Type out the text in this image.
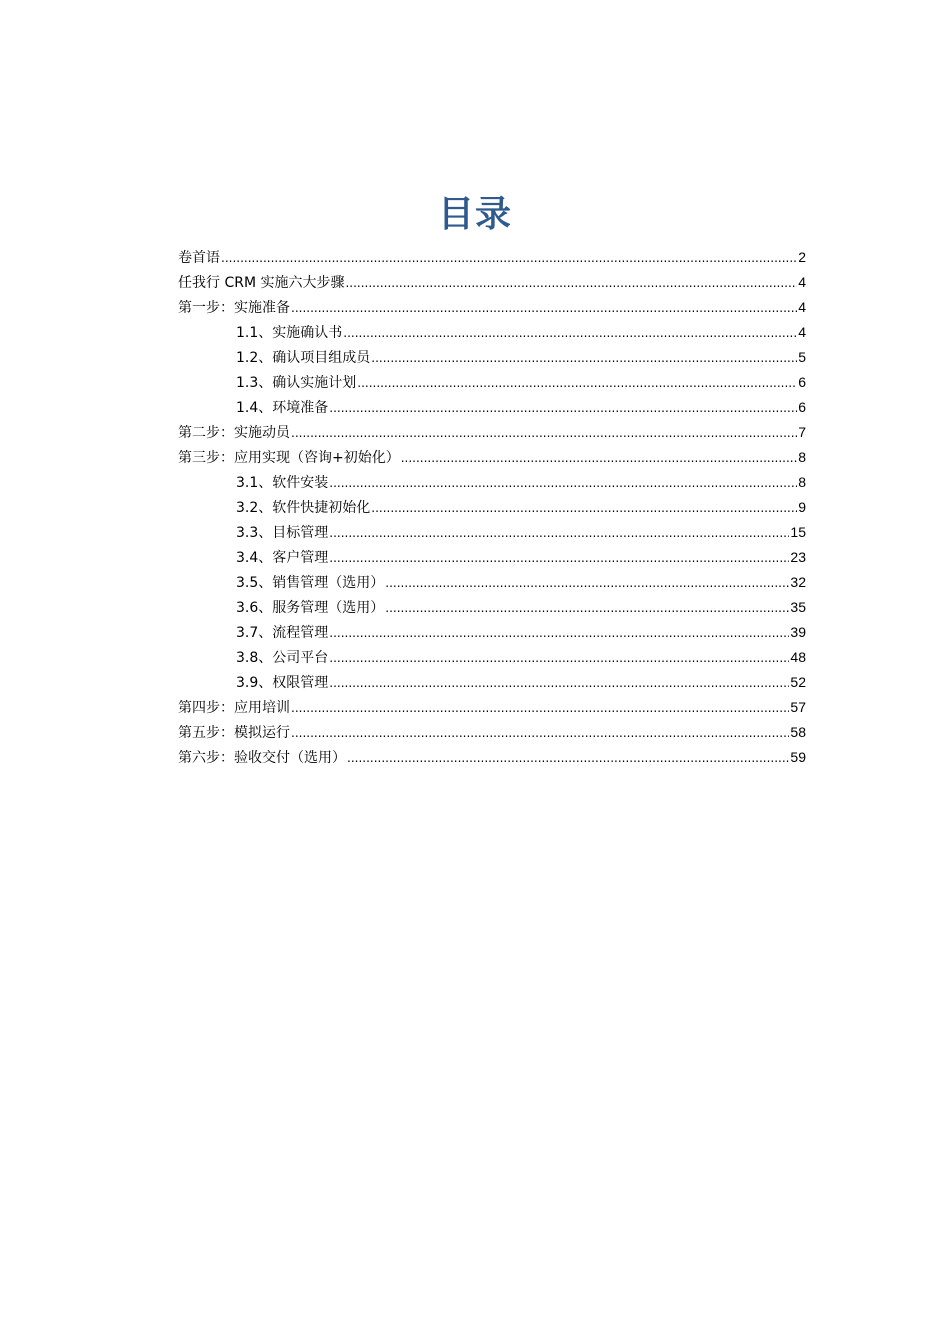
目录
卷首语 .....	2
任我行 CRM 实施六大步骤 .....	4
第一步：实施准备 .....	4
1.1、实施确认书 .....	4
1.2、确认项目组成员 .....	5
1.3、确认实施计划 .....	6
1.4、环境准备 .....	6
第二步：实施动员 .....	7
第三步：应用实现（咨询+初始化） .....	8
3.1、软件安装 .....	8
3.2、软件快捷初始化 .....	9
3.3、目标管理 .....	15
3.4、客户管理 .....	23
3.5、销售管理（选用） .....	32
3.6、服务管理（选用） .....	35
3.7、流程管理 .....	39
3.8、公司平台 .....	48
3.9、权限管理 .....	52
第四步：应用培训 .....	57
第五步：模拟运行 .....	58
第六步：验收交付（选用） .....	59
